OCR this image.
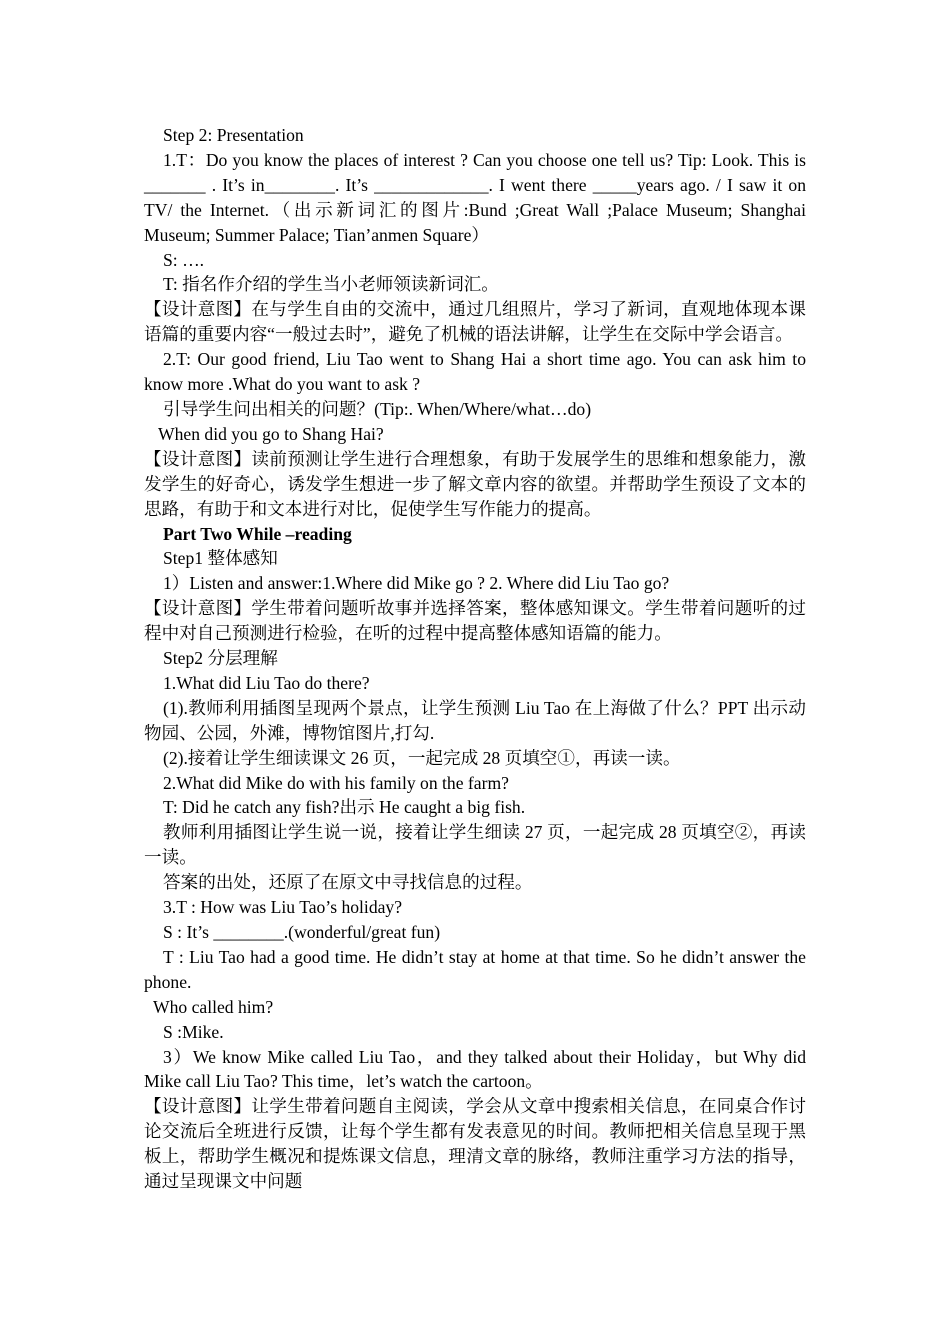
Step 2: Presentation

1.T：Do you know the places of interest ? Can you choose one tell us? Tip: Look. This is _______ . It’s in________. It’s _____________. I went there _____years ago. / I saw it on TV/ the Internet.（出示新词汇的图片:Bund ;Great Wall ;Palace Museum; Shanghai Museum; Summer Palace; Tian’anmen Square）

S: ….

T: 指名作介绍的学生当小老师领读新词汇。

【设计意图】在与学生自由的交流中，通过几组照片，学习了新词，直观地体现本课语篇的重要内容“一般过去时”，避免了机械的语法讲解，让学生在交际中学会语言。

2.T: Our good friend, Liu Tao went to Shang Hai a short time ago. You can ask him to know more .What do you want to ask ?

引导学生问出相关的问题？(Tip:. When/Where/what…do)

When did you go to Shang Hai?

【设计意图】读前预测让学生进行合理想象，有助于发展学生的思维和想象能力，激发学生的好奇心，诱发学生想进一步了解文章内容的欲望。并帮助学生预设了文本的思路，有助于和文本进行对比，促使学生写作能力的提高。

Part Two While –reading

Step1 整体感知

1）Listen and answer:1.Where did Mike go ? 2. Where did Liu Tao go?

【设计意图】学生带着问题听故事并选择答案，整体感知课文。学生带着问题听的过程中对自己预测进行检验，在听的过程中提高整体感知语篇的能力。

Step2 分层理解

1.What did Liu Tao do there?

(1).教师利用插图呈现两个景点，让学生预测 Liu Tao 在上海做了什么？PPT 出示动物园、公园，外滩，博物馆图片,打勾.

(2).接着让学生细读课文 26 页，一起完成 28 页填空①，再读一读。

2.What did Mike do with his family on the farm?

T: Did he catch any fish?出示 He caught a big fish.

教师利用插图让学生说一说，接着让学生细读 27 页，一起完成 28 页填空②，再读一读。

答案的出处，还原了在原文中寻找信息的过程。

3.T : How was Liu Tao’s holiday?

S : It’s ________.(wonderful/great fun)

T : Liu Tao had a good time. He didn’t stay at home at that time. So he didn’t answer the phone.

Who called him?

S :Mike.

3）We know Mike called Liu Tao，and they talked about their Holiday，but Why did Mike call Liu Tao? This time，let’s watch the cartoon。

【设计意图】让学生带着问题自主阅读，学会从文章中搜索相关信息，在同桌合作讨论交流后全班进行反馈，让每个学生都有发表意见的时间。教师把相关信息呈现于黑板上，帮助学生概况和提炼课文信息，理清文章的脉络，教师注重学习方法的指导，通过呈现课文中问题
